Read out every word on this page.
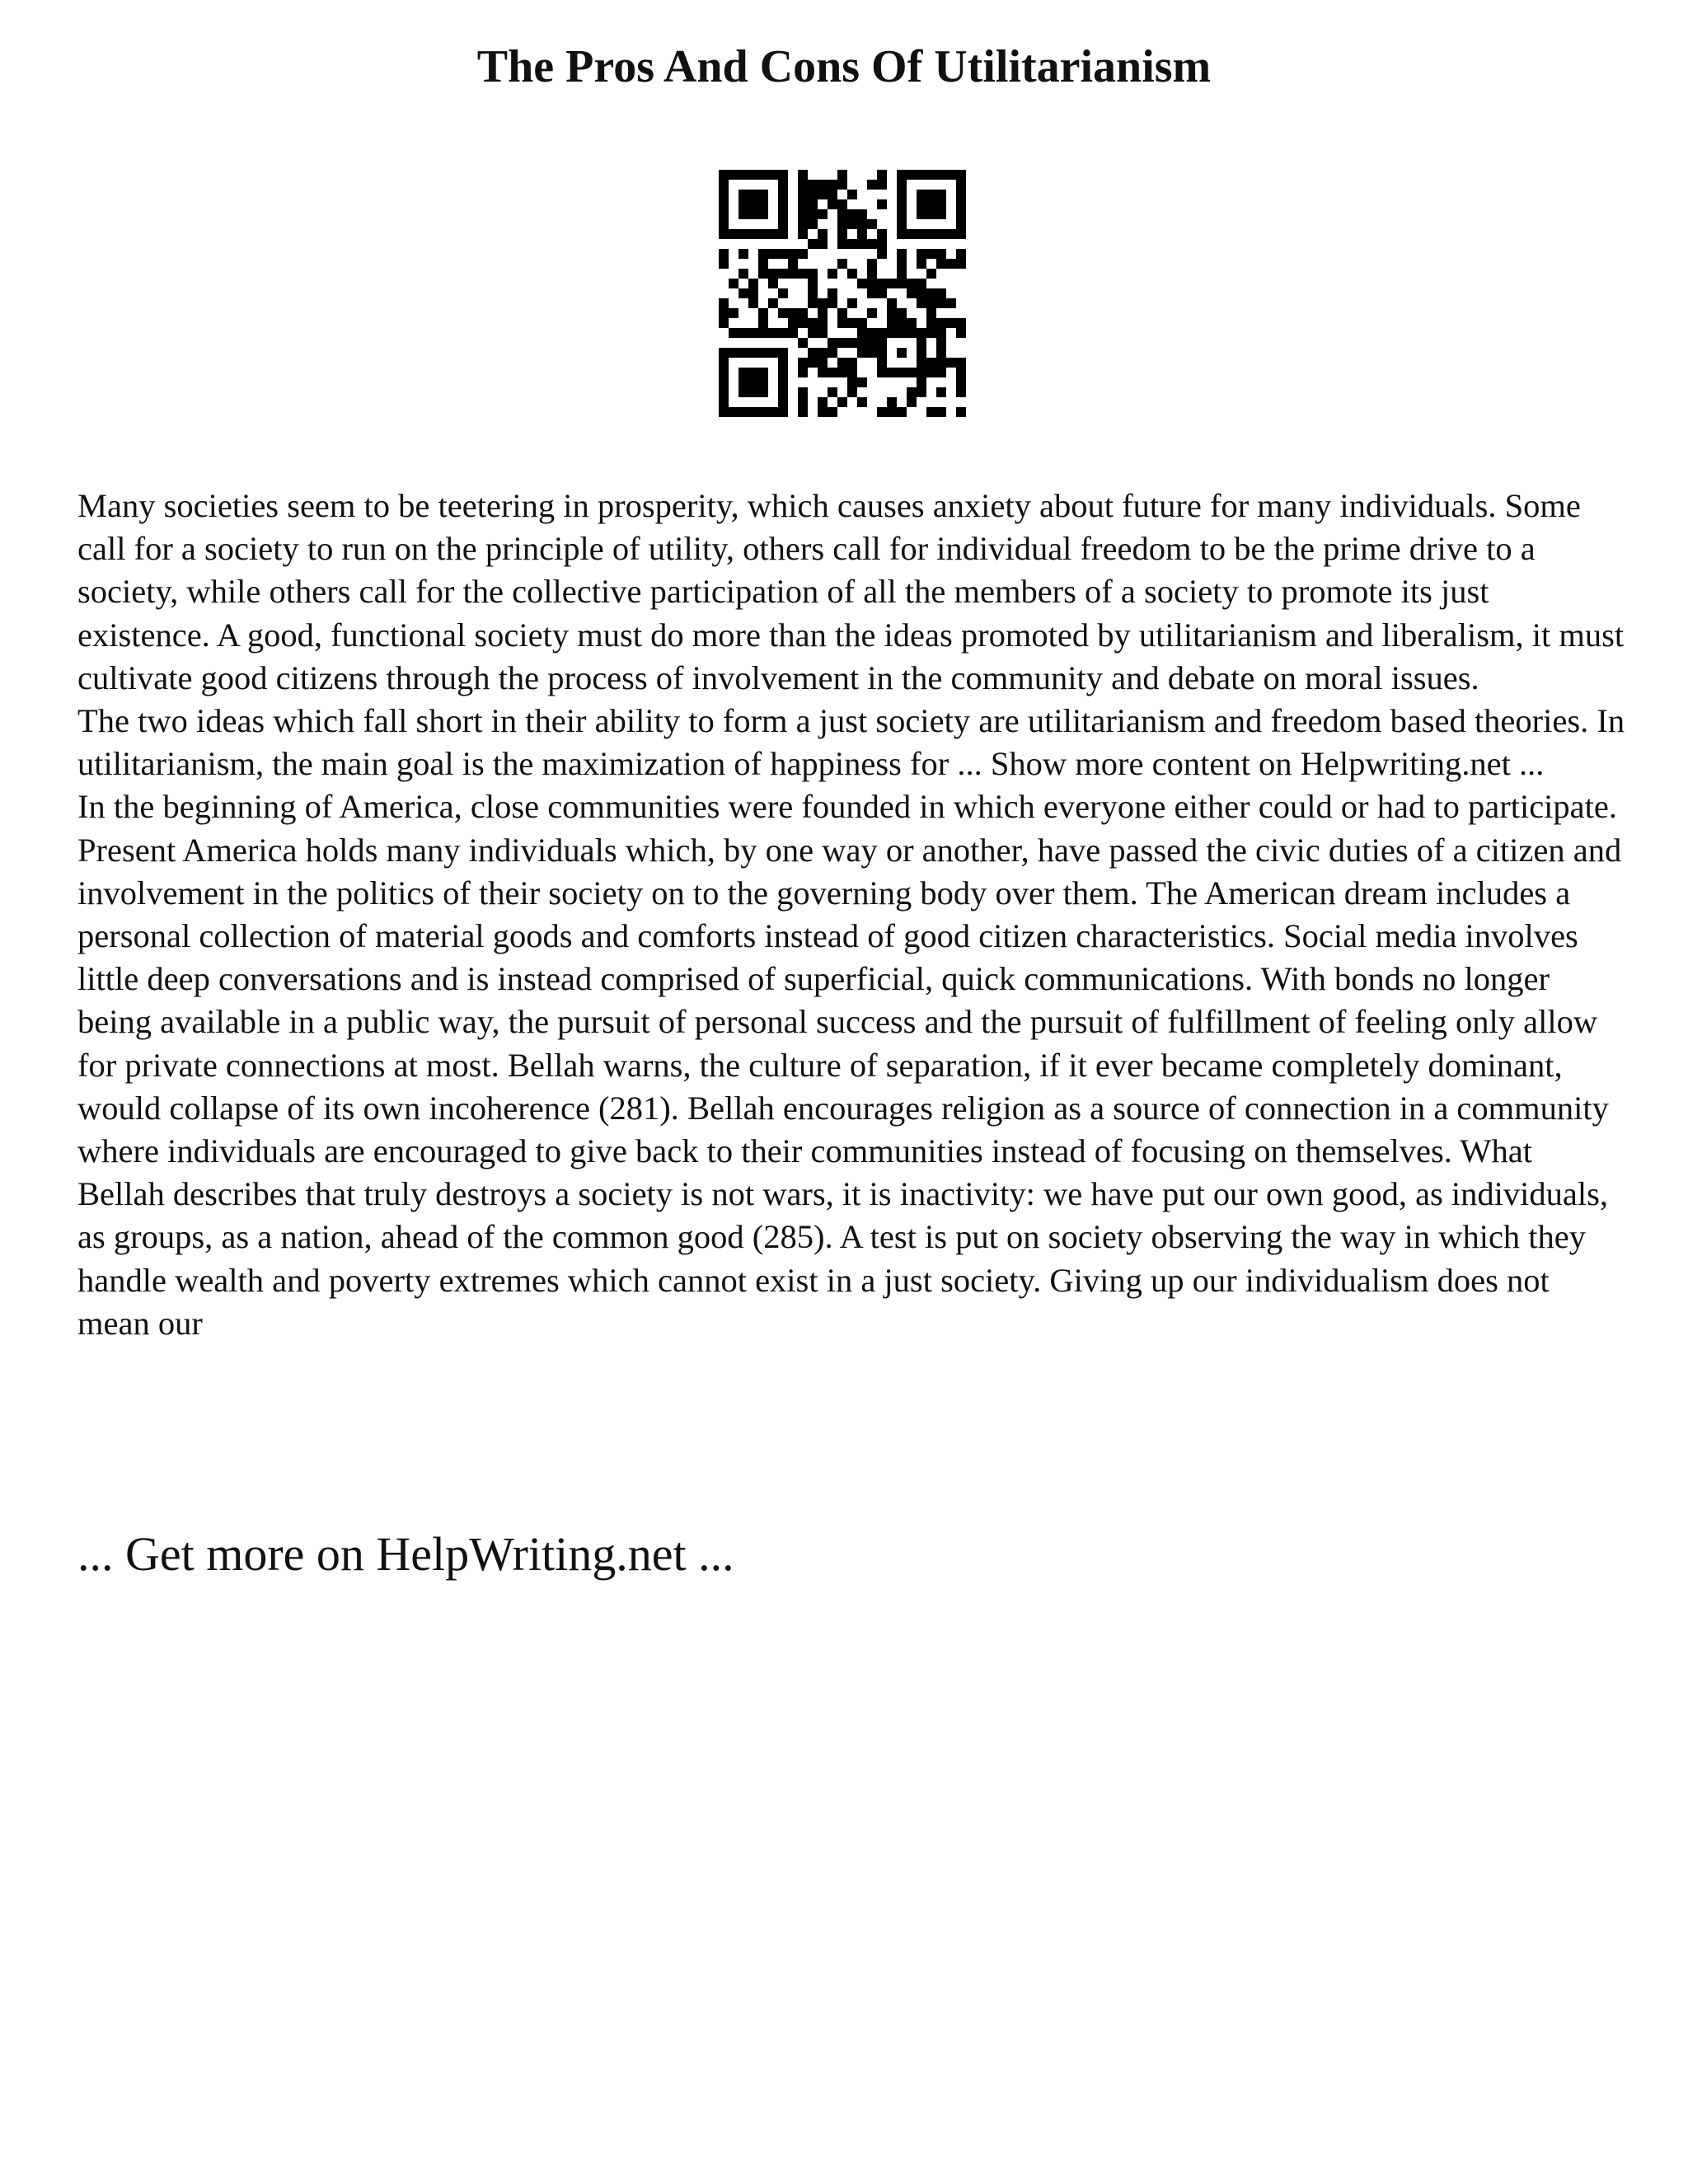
The Pros And Cons Of Utilitarianism

Many societies seem to be teetering in prosperity, which causes anxiety about future for many individuals. Some call for a society to run on the principle of utility, others call for individual freedom to be the prime drive to a society, while others call for the collective participation of all the members of a society to promote its just existence. A good, functional society must do more than the ideas promoted by utilitarianism and liberalism, it must cultivate good citizens through the process of involvement in the community and debate on moral issues.

The two ideas which fall short in their ability to form a just society are utilitarianism and freedom based theories. In utilitarianism, the main goal is the maximization of happiness for ... Show more content on Helpwriting.net ...

In the beginning of America, close communities were founded in which everyone either could or had to participate. Present America holds many individuals which, by one way or another, have passed the civic duties of a citizen and involvement in the politics of their society on to the governing body over them. The American dream includes a personal collection of material goods and comforts instead of good citizen characteristics. Social media involves little deep conversations and is instead comprised of superficial, quick communications. With bonds no longer being available in a public way, the pursuit of personal success and the pursuit of fulfillment of feeling only allow for private connections at most. Bellah warns, the culture of separation, if it ever became completely dominant, would collapse of its own incoherence (281). Bellah encourages religion as a source of connection in a community where individuals are encouraged to give back to their communities instead of focusing on themselves. What Bellah describes that truly destroys a society is not wars, it is inactivity: we have put our own good, as individuals, as groups, as a nation, ahead of the common good (285). A test is put on society observing the way in which they handle wealth and poverty extremes which cannot exist in a just society. Giving up our individualism does not mean our

... Get more on HelpWriting.net ...
